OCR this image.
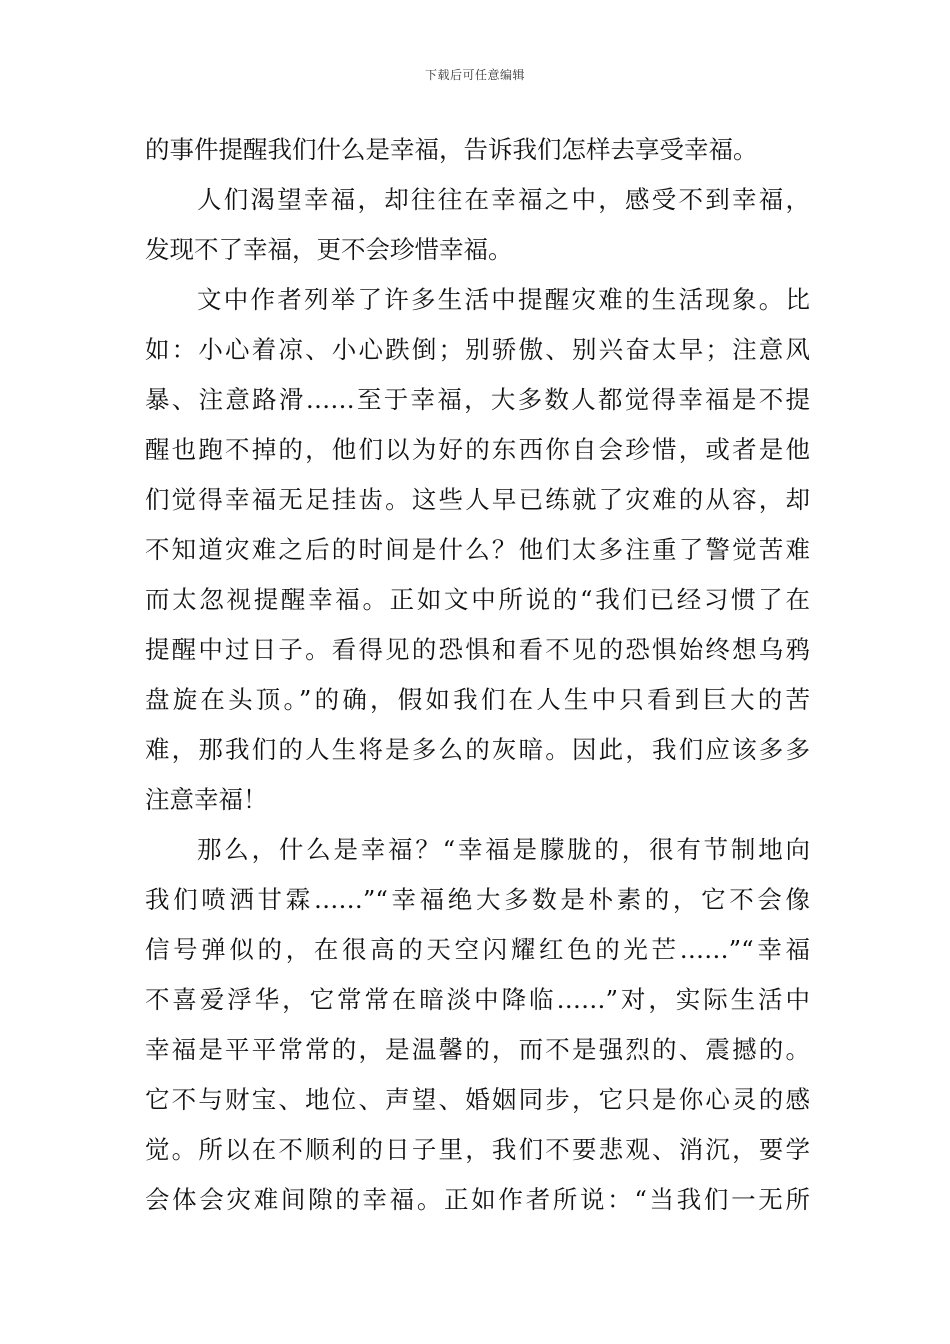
下载后可任意编辑
的事件提醒我们什么是幸福，告诉我们怎样去享受幸福。
人们渴望幸福，却往往在幸福之中，感受不到幸福，
发现不了幸福，更不会珍惜幸福。
文中作者列举了许多生活中提醒灾难的生活现象。比
如：小心着凉、小心跌倒；别骄傲、别兴奋太早；注意风
暴、注意路滑……至于幸福，大多数人都觉得幸福是不提
醒也跑不掉的，他们以为好的东西你自会珍惜，或者是他
们觉得幸福无足挂齿。这些人早已练就了灾难的从容，却
不知道灾难之后的时间是什么？他们太多注重了警觉苦难
而太忽视提醒幸福。正如文中所说的“我们已经习惯了在
提醒中过日子。看得见的恐惧和看不见的恐惧始终想乌鸦
盘旋在头顶。”的确，假如我们在人生中只看到巨大的苦
难，那我们的人生将是多么的灰暗。因此，我们应该多多
注意幸福！
那么，什么是幸福？“幸福是朦胧的，很有节制地向
我们喷洒甘霖……”“幸福绝大多数是朴素的，它不会像
信号弹似的，在很高的天空闪耀红色的光芒……”“幸福
不喜爱浮华，它常常在暗淡中降临……”对，实际生活中
幸福是平平常常的，是温馨的，而不是强烈的、震撼的。
它不与财宝、地位、声望、婚姻同步，它只是你心灵的感
觉。所以在不顺利的日子里，我们不要悲观、消沉，要学
会体会灾难间隙的幸福。正如作者所说：“当我们一无所
